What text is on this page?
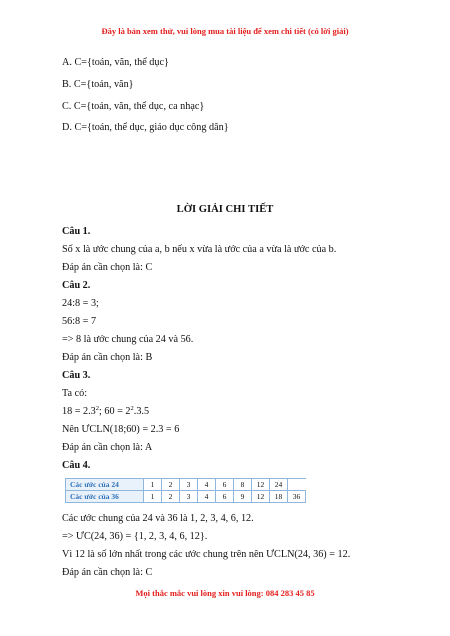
Đây là bản xem thử, vui lòng mua tài liệu để xem chi tiết (có lời giải)
A. C={toán, văn, thể dục}
B. C={toán, văn}
C. C={toán, văn, thể dục, ca nhạc}
D. C={toán, thể dục, giáo dục công dân}
LỜI GIẢI CHI TIẾT
Câu 1.
Số x là ước chung của a, b nếu x vừa là ước của a vừa là ước của b.
Đáp án cần chọn là: C
Câu 2.
24:8 = 3;
56:8 = 7
=> 8 là ước chung của 24 và 56.
Đáp án cần chọn là: B
Câu 3.
Ta có:
$18 = 2.3^2$; $60 = 2^2.3.5$
Nên ƯCLN(18;60) = 2.3 = 6
Đáp án cần chọn là: A
Câu 4.
Các ước của 24	1	2	3	4	6	8	12	24	
Các ước của 36	1	2	3	4	6	9	12	18	36
Các ước chung của 24 và 36 là 1, 2, 3, 4, 6, 12.
=> ƯC(24, 36) = {1, 2, 3, 4, 6, 12}.
Mọi thắc mắc vui lòng xin vui lòng: 084 283 45 85
Vì 12 là số lớn nhất trong các ước chung trên nên ƯCLN(24, 36) = 12.
Đáp án cần chọn là: C
